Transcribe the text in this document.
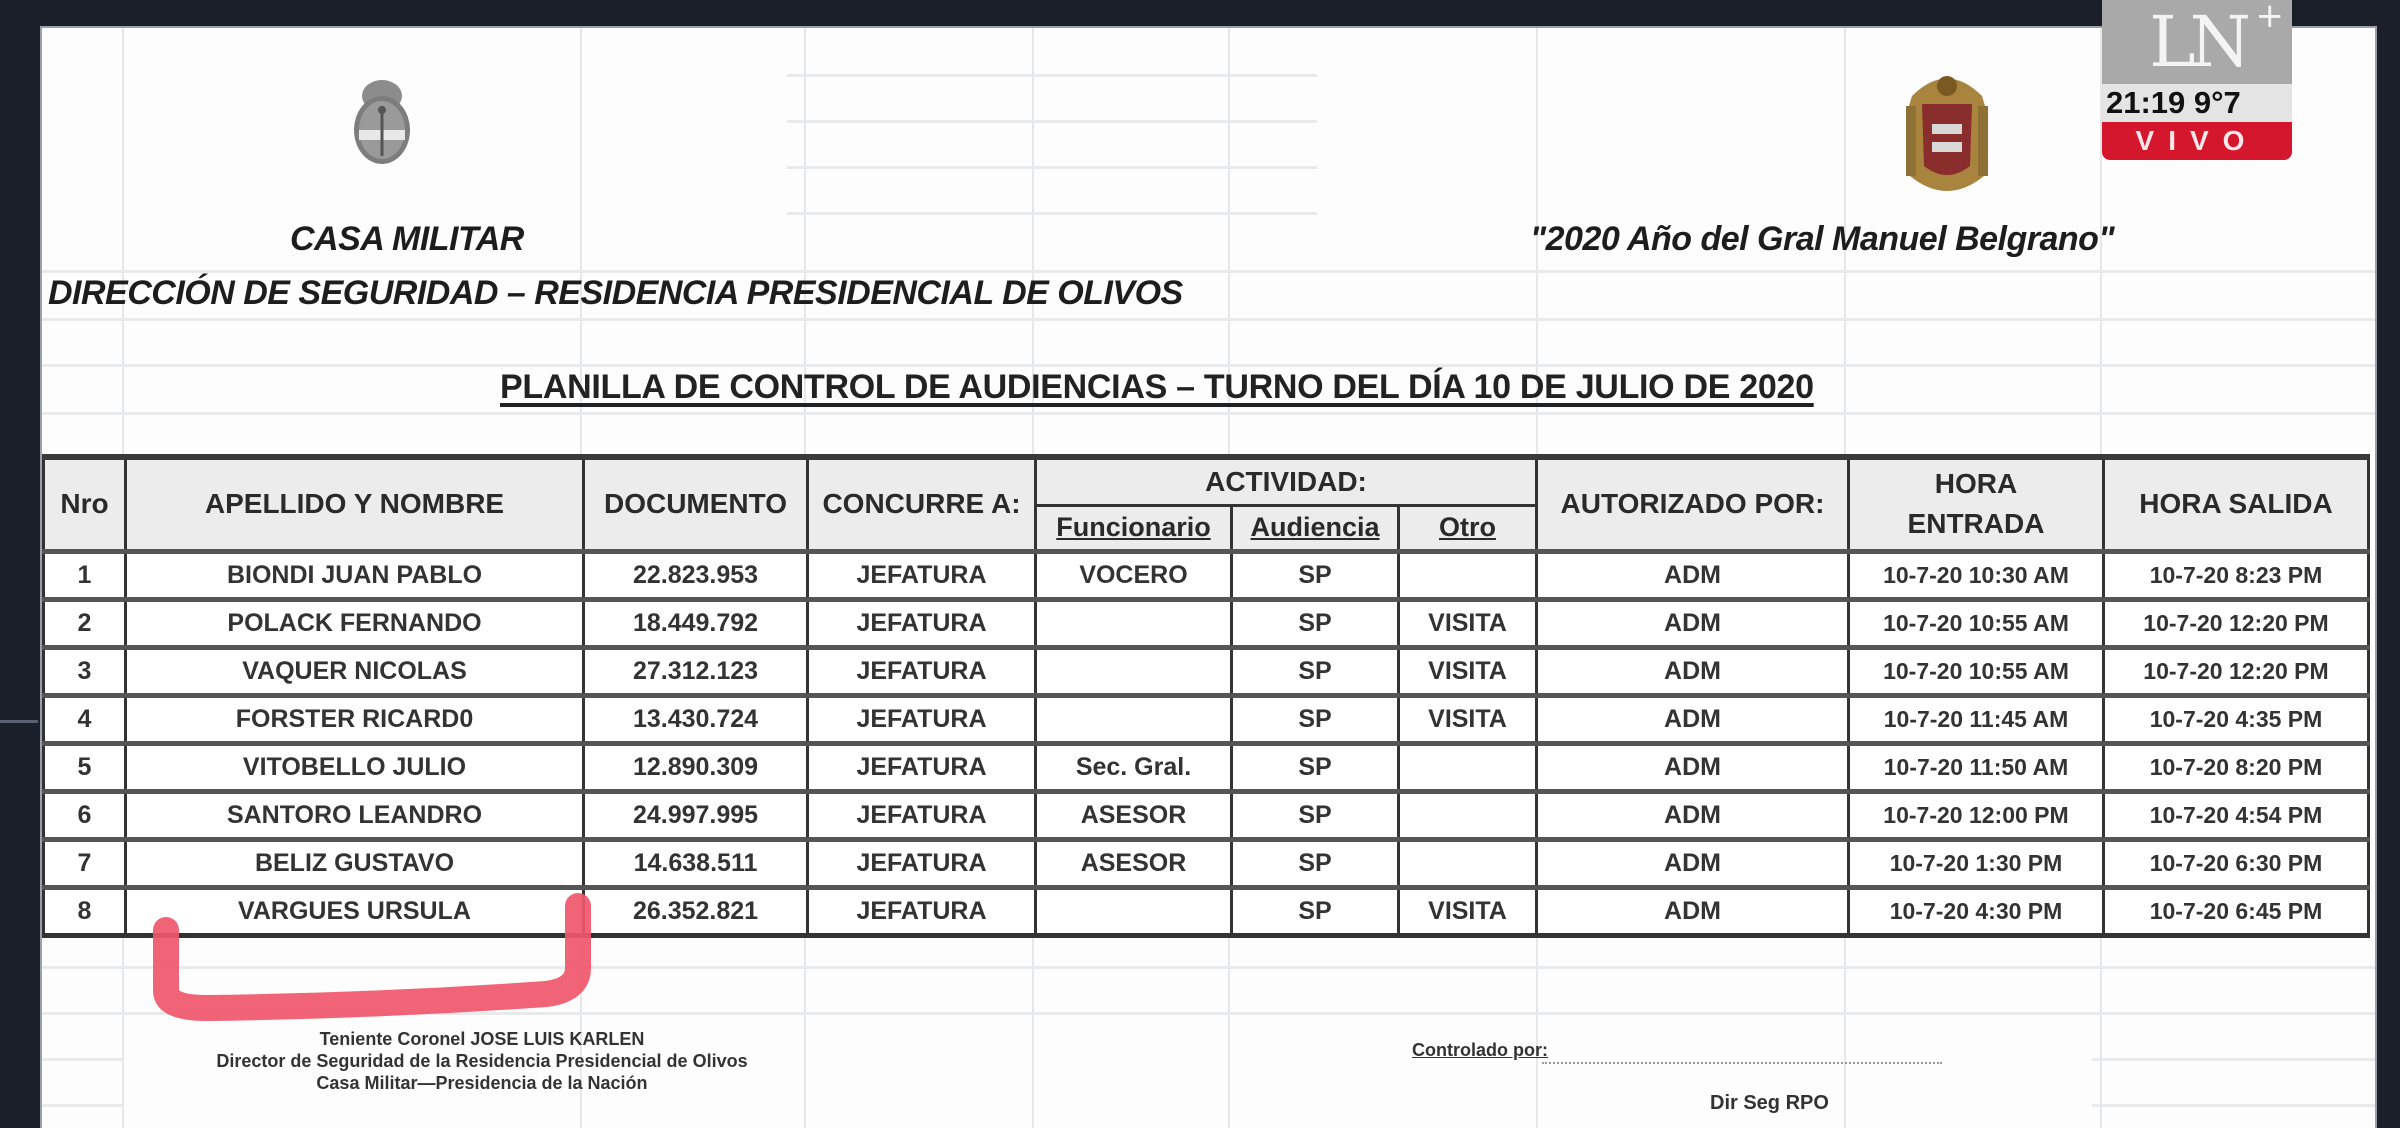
CASA MILITAR
DIRECCIÓN DE SEGURIDAD – RESIDENCIA PRESIDENCIAL DE OLIVOS
"2020 Año del Gral Manuel Belgrano"
PLANILLA DE CONTROL DE AUDIENCIAS – TURNO DEL DÍA 10 DE JULIO DE 2020
Nro	APELLIDO Y NOMBRE	DOCUMENTO	CONCURRE A:	ACTIVIDAD:			AUTORIZADO POR:	HORA ENTRADA	HORA SALIDA
				Funcionario	Audiencia	Otro			
1	BIONDI JUAN PABLO	22.823.953	JEFATURA	VOCERO	SP		ADM	10-7-20 10:30 AM	10-7-20 8:23 PM
2	POLACK FERNANDO	18.449.792	JEFATURA		SP	VISITA	ADM	10-7-20 10:55 AM	10-7-20 12:20 PM
3	VAQUER NICOLAS	27.312.123	JEFATURA		SP	VISITA	ADM	10-7-20 10:55 AM	10-7-20 12:20 PM
4	FORSTER RICARD0	13.430.724	JEFATURA		SP	VISITA	ADM	10-7-20 11:45 AM	10-7-20 4:35 PM
5	VITOBELLO JULIO	12.890.309	JEFATURA	Sec. Gral.	SP		ADM	10-7-20 11:50 AM	10-7-20 8:20 PM
6	SANTORO LEANDRO	24.997.995	JEFATURA	ASESOR	SP		ADM	10-7-20 12:00 PM	10-7-20 4:54 PM
7	BELIZ GUSTAVO	14.638.511	JEFATURA	ASESOR	SP		ADM	10-7-20 1:30 PM	10-7-20 6:30 PM
8	VARGUES URSULA	26.352.821	JEFATURA		SP	VISITA	ADM	10-7-20 4:30 PM	10-7-20 6:45 PM
Teniente Coronel JOSE LUIS KARLEN
Director de Seguridad de la Residencia Presidencial de Olivos
Casa Militar—Presidencia de la Nación
Controlado por:
Dir Seg RPO
LN +
21:19 9°7
VIVO
